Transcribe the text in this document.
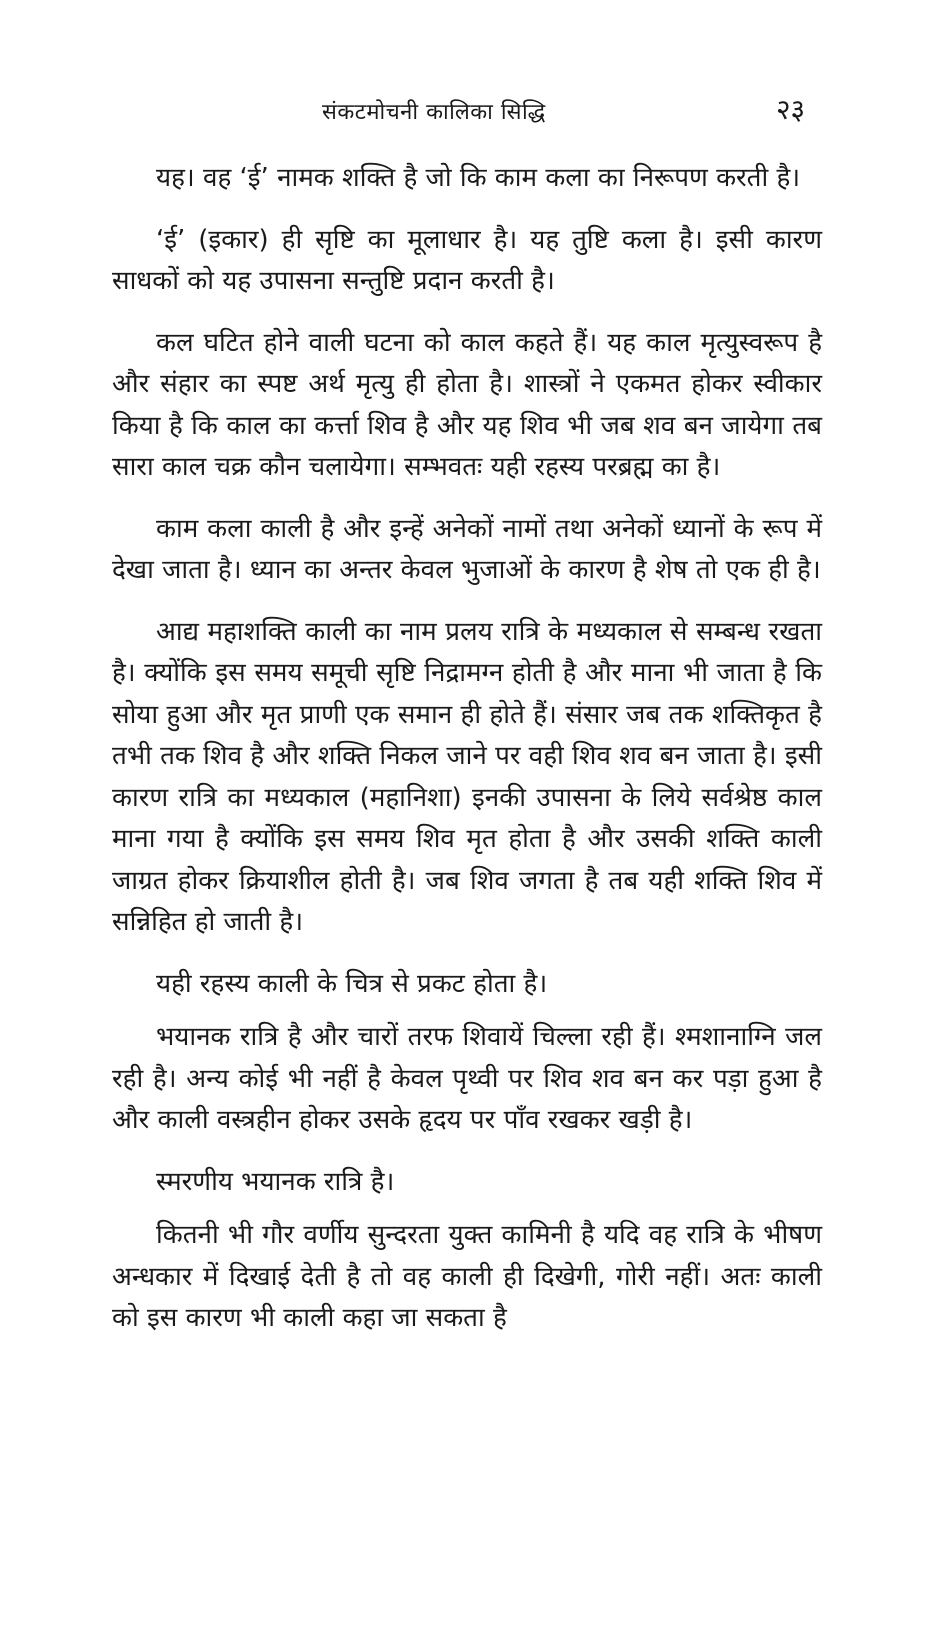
संकटमोचनी कालिका सिद्धि	२३

यह। वह ‘ई’ नामक शक्ति है जो कि काम कला का निरूपण करती है।

‘ई’ (इकार) ही सृष्टि का मूलाधार है। यह तुष्टि कला है। इसी कारण साधकों को यह उपासना सन्तुष्टि प्रदान करती है।

कल घटित होने वाली घटना को काल कहते हैं। यह काल मृत्युस्वरूप है और संहार का स्पष्ट अर्थ मृत्यु ही होता है। शास्त्रों ने एकमत होकर स्वीकार किया है कि काल का कर्त्ता शिव है और यह शिव भी जब शव बन जायेगा तब सारा काल चक्र कौन चलायेगा। सम्भवतः यही रहस्य परब्रह्म का है।

काम कला काली है और इन्हें अनेकों नामों तथा अनेकों ध्यानों के रूप में देखा जाता है। ध्यान का अन्तर केवल भुजाओं के कारण है शेष तो एक ही है।

आद्य महाशक्ति काली का नाम प्रलय रात्रि के मध्यकाल से सम्बन्ध रखता है। क्योंकि इस समय समूची सृष्टि निद्रामग्न होती है और माना भी जाता है कि सोया हुआ और मृत प्राणी एक समान ही होते हैं। संसार जब तक शक्तिकृत है तभी तक शिव है और शक्ति निकल जाने पर वही शिव शव बन जाता है। इसी कारण रात्रि का मध्यकाल (महानिशा) इनकी उपासना के लिये सर्वश्रेष्ठ काल माना गया है क्योंकि इस समय शिव मृत होता है और उसकी शक्ति काली जाग्रत होकर क्रियाशील होती है। जब शिव जगता है तब यही शक्ति शिव में सन्निहित हो जाती है।

यही रहस्य काली के चित्र से प्रकट होता है।

भयानक रात्रि है और चारों तरफ शिवायें चिल्ला रही हैं। श्मशानाग्नि जल रही है। अन्य कोई भी नहीं है केवल पृथ्वी पर शिव शव बन कर पड़ा हुआ है और काली वस्त्रहीन होकर उसके हृदय पर पाँव रखकर खड़ी है।

स्मरणीय भयानक रात्रि है।

कितनी भी गौर वर्णीय सुन्दरता युक्त कामिनी है यदि वह रात्रि के भीषण अन्धकार में दिखाई देती है तो वह काली ही दिखेगी, गोरी नहीं। अतः काली को इस कारण भी काली कहा जा सकता है
